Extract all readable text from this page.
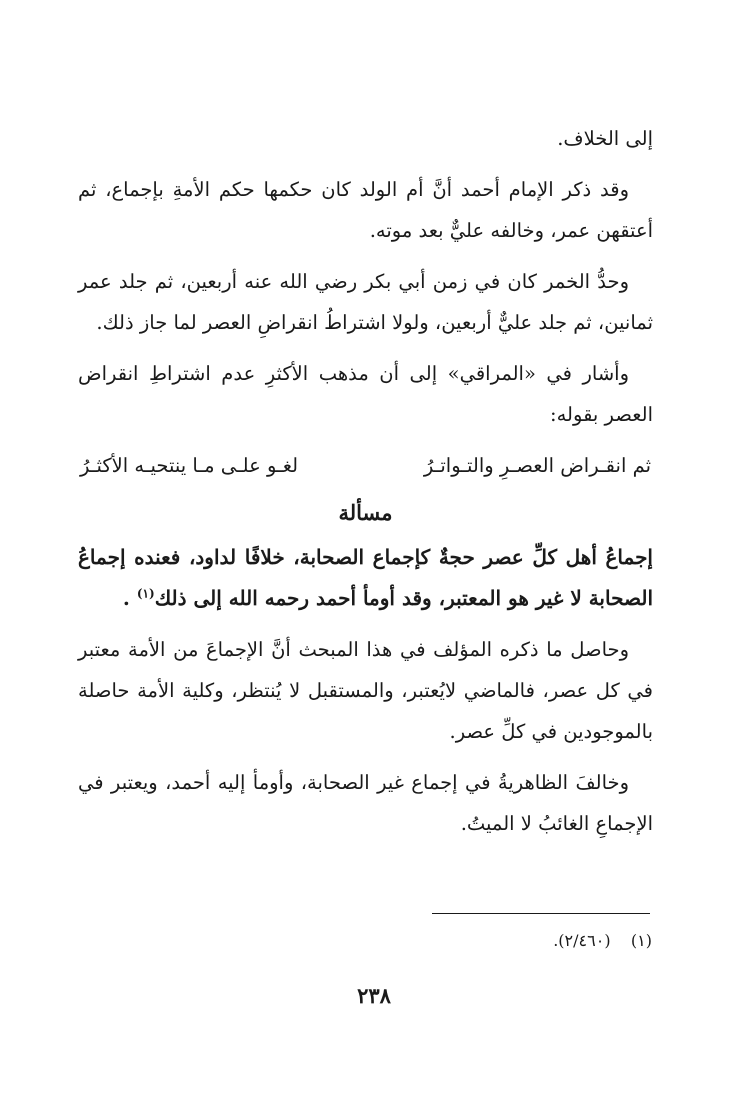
إلى الخلاف.

وقد ذكر الإمام أحمد أنَّ أم الولد كان حكمها حكم الأمةِ بإجماع، ثم أعتقهن عمر، وخالفه عليٌّ بعد موته.

وحدُّ الخمر كان في زمن أبي بكر رضي الله عنه أربعين، ثم جلد عمر ثمانين، ثم جلد عليٌّ أربعين، ولولا اشتراطُ انقراضِ العصر لما جاز ذلك.

وأشار في «المراقي» إلى أن مذهب الأكثرِ عدم اشتراطِ انقراض العصر بقوله:

ثم انقـراض العصـرِ والتـواتـرُ
لغـو علـى مـا ينتحيـه الأكثـرُ
مسألة

إجماعُ أهل كلِّ عصر حجةٌ كإجماع الصحابة، خلافًا لداود، فعنده إجماعُ الصحابة لا غير هو المعتبر، وقد أومأ أحمد رحمه الله إلى ذلك$^{(١)}$ .

وحاصل ما ذكره المؤلف في هذا المبحث أنَّ الإجماعَ من الأمة معتبر في كل عصر، فالماضي لايُعتبر، والمستقبل لا يُنتظر، وكلية الأمة حاصلة بالموجودين في كلِّ عصر.

وخالفَ الظاهريةُ في إجماع غير الصحابة، وأومأ إليه أحمد، ويعتبر في الإجماعِ الغائبُ لا الميتُ.

(١)    (٢/٤٦٠).
٢٣٨
